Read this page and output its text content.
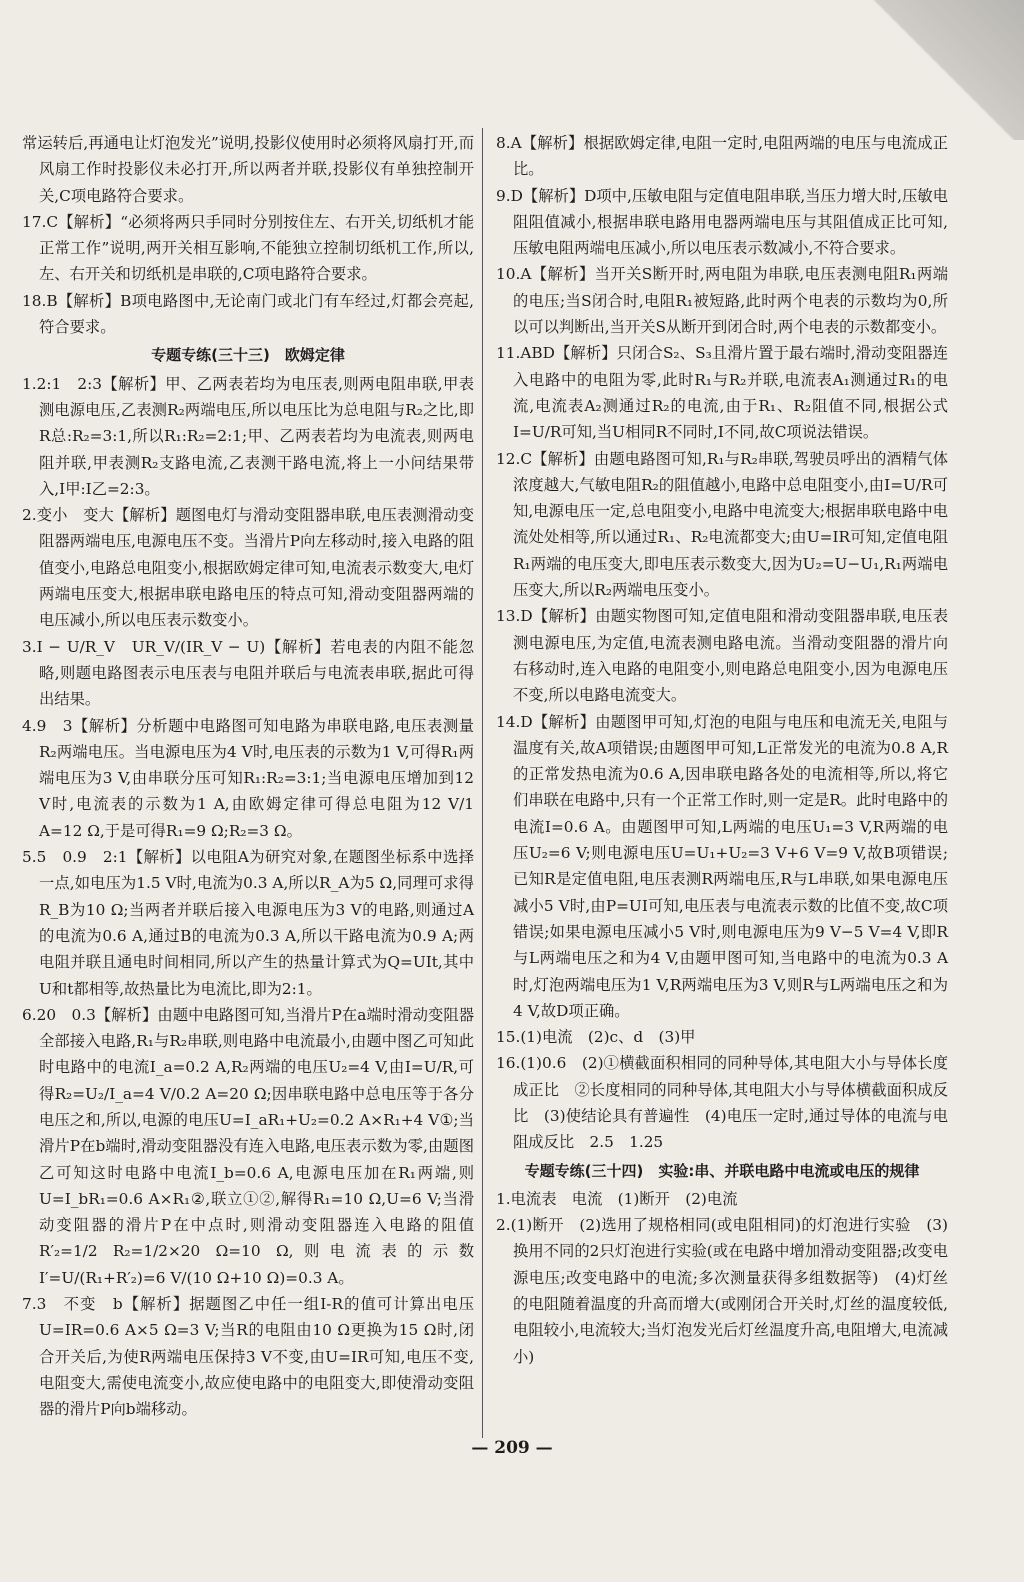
常运转后,再通电让灯泡发光”说明,投影仪使用时必须将风扇打开,而风扇工作时投影仪未必打开,所以两者并联,投影仪有单独控制开关,C项电路符合要求。

17.C【解析】“必须将两只手同时分别按住左、右开关,切纸机才能正常工作”说明,两开关相互影响,不能独立控制切纸机工作,所以,左、右开关和切纸机是串联的,C项电路符合要求。

18.B【解析】B项电路图中,无论南门或北门有车经过,灯都会亮起,符合要求。

专题专练(三十三)　欧姆定律

1.2:1　2:3【解析】甲、乙两表若均为电压表,则两电阻串联,甲表测电源电压,乙表测R₂两端电压,所以电压比为总电阻与R₂之比,即R总:R₂=3:1,所以R₁:R₂=2:1;甲、乙两表若均为电流表,则两电阻并联,甲表测R₂支路电流,乙表测干路电流,将上一小问结果带入,I甲:I乙=2:3。

2.变小　变大【解析】题图电灯与滑动变阻器串联,电压表测滑动变阻器两端电压,电源电压不变。当滑片P向左移动时,接入电路的阻值变小,电路总电阻变小,根据欧姆定律可知,电流表示数变大,电灯两端电压变大,根据串联电路电压的特点可知,滑动变阻器两端的电压减小,所以电压表示数变小。

3.I − U/R_V　UR_V/(IR_V − U)【解析】若电表的内阻不能忽略,则题电路图表示电压表与电阻并联后与电流表串联,据此可得出结果。

4.9　3【解析】分析题中电路图可知电路为串联电路,电压表测量R₂两端电压。当电源电压为4 V时,电压表的示数为1 V,可得R₁两端电压为3 V,由串联分压可知R₁:R₂=3:1;当电源电压增加到12 V时,电流表的示数为1 A,由欧姆定律可得总电阻为12 V/1 A=12 Ω,于是可得R₁=9 Ω;R₂=3 Ω。

5.5　0.9　2:1【解析】以电阻A为研究对象,在题图坐标系中选择一点,如电压为1.5 V时,电流为0.3 A,所以R_A为5 Ω,同理可求得R_B为10 Ω;当两者并联后接入电源电压为3 V的电路,则通过A的电流为0.6 A,通过B的电流为0.3 A,所以干路电流为0.9 A;两电阻并联且通电时间相同,所以产生的热量计算式为Q=UIt,其中U和t都相等,故热量比为电流比,即为2:1。

6.20　0.3【解析】由题中电路图可知,当滑片P在a端时滑动变阻器全部接入电路,R₁与R₂串联,则电路中电流最小,由题中图乙可知此时电路中的电流I_a=0.2 A,R₂两端的电压U₂=4 V,由I=U/R,可得R₂=U₂/I_a=4 V/0.2 A=20 Ω;因串联电路中总电压等于各分电压之和,所以,电源的电压U=I_aR₁+U₂=0.2 A×R₁+4 V①;当滑片P在b端时,滑动变阻器没有连入电路,电压表示数为零,由题图乙可知这时电路中电流I_b=0.6 A,电源电压加在R₁两端,则U=I_bR₁=0.6 A×R₁②,联立①②,解得R₁=10 Ω,U=6 V;当滑动变阻器的滑片P在中点时,则滑动变阻器连入电路的阻值R′₂=1/2 R₂=1/2×20 Ω=10 Ω,则电流表的示数I′=U/(R₁+R′₂)=6 V/(10 Ω+10 Ω)=0.3 A。

7.3　不变　b【解析】据题图乙中任一组I-R的值可计算出电压U=IR=0.6 A×5 Ω=3 V;当R的电阻由10 Ω更换为15 Ω时,闭合开关后,为使R两端电压保持3 V不变,由U=IR可知,电压不变,电阻变大,需使电流变小,故应使电路中的电阻变大,即使滑动变阻器的滑片P向b端移动。

8.A【解析】根据欧姆定律,电阻一定时,电阻两端的电压与电流成正比。

9.D【解析】D项中,压敏电阻与定值电阻串联,当压力增大时,压敏电阻阻值减小,根据串联电路用电器两端电压与其阻值成正比可知,压敏电阻两端电压减小,所以电压表示数减小,不符合要求。

10.A【解析】当开关S断开时,两电阻为串联,电压表测电阻R₁两端的电压;当S闭合时,电阻R₁被短路,此时两个电表的示数均为0,所以可以判断出,当开关S从断开到闭合时,两个电表的示数都变小。

11.ABD【解析】只闭合S₂、S₃且滑片置于最右端时,滑动变阻器连入电路中的电阻为零,此时R₁与R₂并联,电流表A₁测通过R₁的电流,电流表A₂测通过R₂的电流,由于R₁、R₂阻值不同,根据公式I=U/R可知,当U相同R不同时,I不同,故C项说法错误。

12.C【解析】由题电路图可知,R₁与R₂串联,驾驶员呼出的酒精气体浓度越大,气敏电阻R₂的阻值越小,电路中总电阻变小,由I=U/R可知,电源电压一定,总电阻变小,电路中电流变大;根据串联电路中电流处处相等,所以通过R₁、R₂电流都变大;由U=IR可知,定值电阻R₁两端的电压变大,即电压表示数变大,因为U₂=U−U₁,R₁两端电压变大,所以R₂两端电压变小。

13.D【解析】由题实物图可知,定值电阻和滑动变阻器串联,电压表测电源电压,为定值,电流表测电路电流。当滑动变阻器的滑片向右移动时,连入电路的电阻变小,则电路总电阻变小,因为电源电压不变,所以电路电流变大。

14.D【解析】由题图甲可知,灯泡的电阻与电压和电流无关,电阻与温度有关,故A项错误;由题图甲可知,L正常发光的电流为0.8 A,R的正常发热电流为0.6 A,因串联电路各处的电流相等,所以,将它们串联在电路中,只有一个正常工作时,则一定是R。此时电路中的电流I=0.6 A。由题图甲可知,L两端的电压U₁=3 V,R两端的电压U₂=6 V;则电源电压U=U₁+U₂=3 V+6 V=9 V,故B项错误;已知R是定值电阻,电压表测R两端电压,R与L串联,如果电源电压减小5 V时,由P=UI可知,电压表与电流表示数的比值不变,故C项错误;如果电源电压减小5 V时,则电源电压为9 V−5 V=4 V,即R与L两端电压之和为4 V,由题甲图可知,当电路中的电流为0.3 A时,灯泡两端电压为1 V,R两端电压为3 V,则R与L两端电压之和为4 V,故D项正确。

15.(1)电流　(2)c、d　(3)甲

16.(1)0.6　(2)①横截面积相同的同种导体,其电阻大小与导体长度成正比　②长度相同的同种导体,其电阻大小与导体横截面积成反比　(3)使结论具有普遍性　(4)电压一定时,通过导体的电流与电阻成反比　2.5　1.25

专题专练(三十四)　实验:串、并联电路中电流或电压的规律

1.电流表　电流　(1)断开　(2)电流

2.(1)断开　(2)选用了规格相同(或电阻相同)的灯泡进行实验　(3)换用不同的2只灯泡进行实验(或在电路中增加滑动变阻器;改变电源电压;改变电路中的电流;多次测量获得多组数据等)　(4)灯丝的电阻随着温度的升高而增大(或刚闭合开关时,灯丝的温度较低,电阻较小,电流较大;当灯泡发光后灯丝温度升高,电阻增大,电流减小)

— 209 —
